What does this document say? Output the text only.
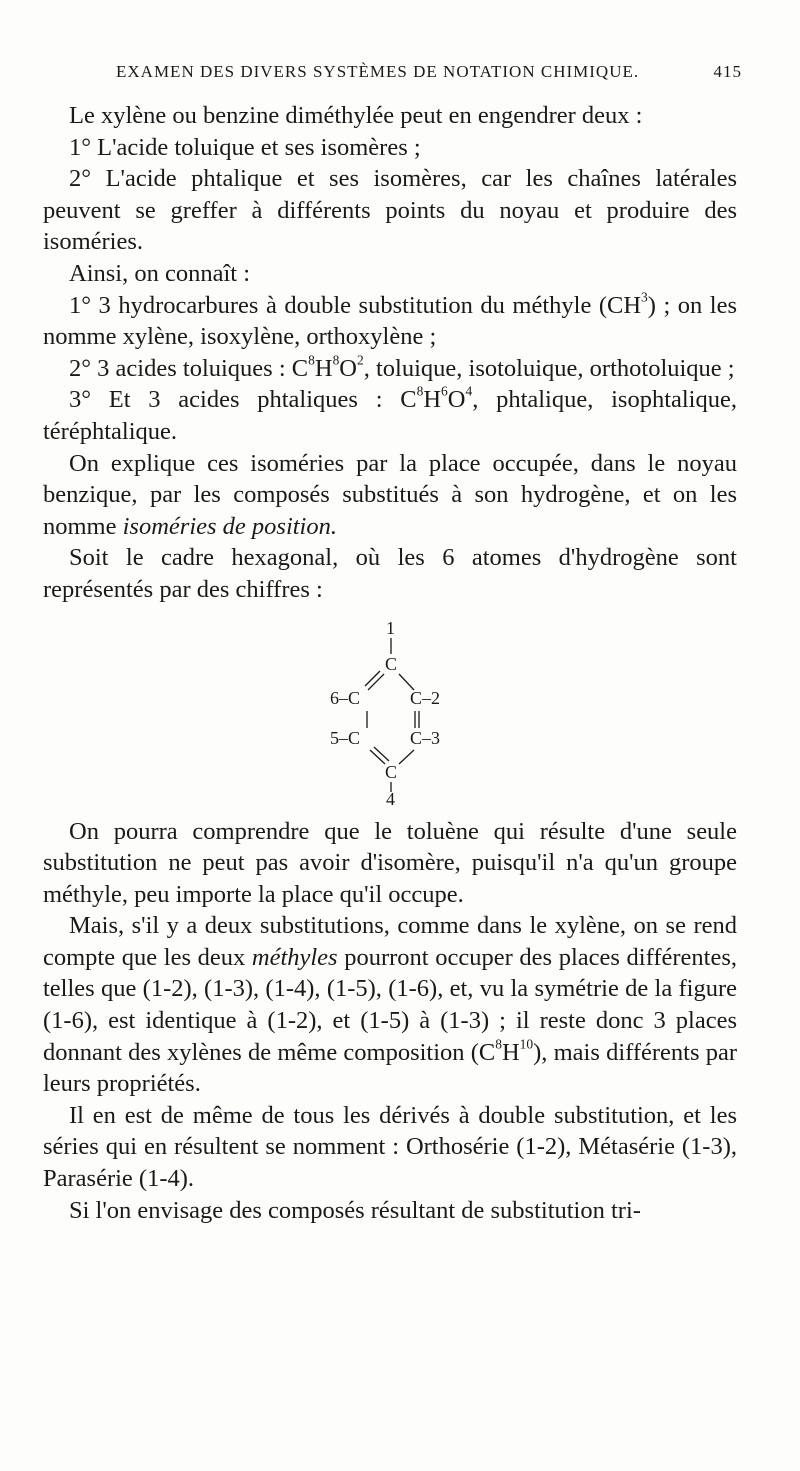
EXAMEN DES DIVERS SYSTÈMES DE NOTATION CHIMIQUE.	415

Le xylène ou benzine diméthylée peut en engendrer deux :

1° L'acide toluique et ses isomères ;

2° L'acide phtalique et ses isomères, car les chaînes latérales peuvent se greffer à différents points du noyau et produire des isoméries.

Ainsi, on connaît :

1° 3 hydrocarbures à double substitution du méthyle $(CH^3)$ ; on les nomme xylène, isoxylène, orthoxylène ;

2° 3 acides toluiques : $C^8H^8O^2$, toluique, isotoluique, orthotoluique ;

3° Et 3 acides phtaliques : $C^8H^6O^4$, phtalique, isophtalique, téréphtalique.

On explique ces isoméries par la place occupée, dans le noyau benzique, par les composés substitués à son hydrogène, et on les nomme isoméries de position.

Soit le cadre hexagonal, où les 6 atomes d'hydrogène sont représentés par des chiffres :

1
C
6–C	C–2
5–C	C–3
C
4

On pourra comprendre que le toluène qui résulte d'une seule substitution ne peut pas avoir d'isomère, puisqu'il n'a qu'un groupe méthyle, peu importe la place qu'il occupe.

Mais, s'il y a deux substitutions, comme dans le xylène, on se rend compte que les deux méthyles pourront occuper des places différentes, telles que (1-2), (1-3), (1-4), (1-5), (1-6), et, vu la symétrie de la figure (1-6), est identique à (1-2), et (1-5) à (1-3) ; il reste donc 3 places donnant des xylènes de même composition $(C^8H^{10})$, mais différents par leurs propriétés.

Il en est de même de tous les dérivés à double substitution, et les séries qui en résultent se nomment : Orthosérie (1-2), Métasérie (1-3), Parasérie (1-4).

Si l'on envisage des composés résultant de substitution tri-
